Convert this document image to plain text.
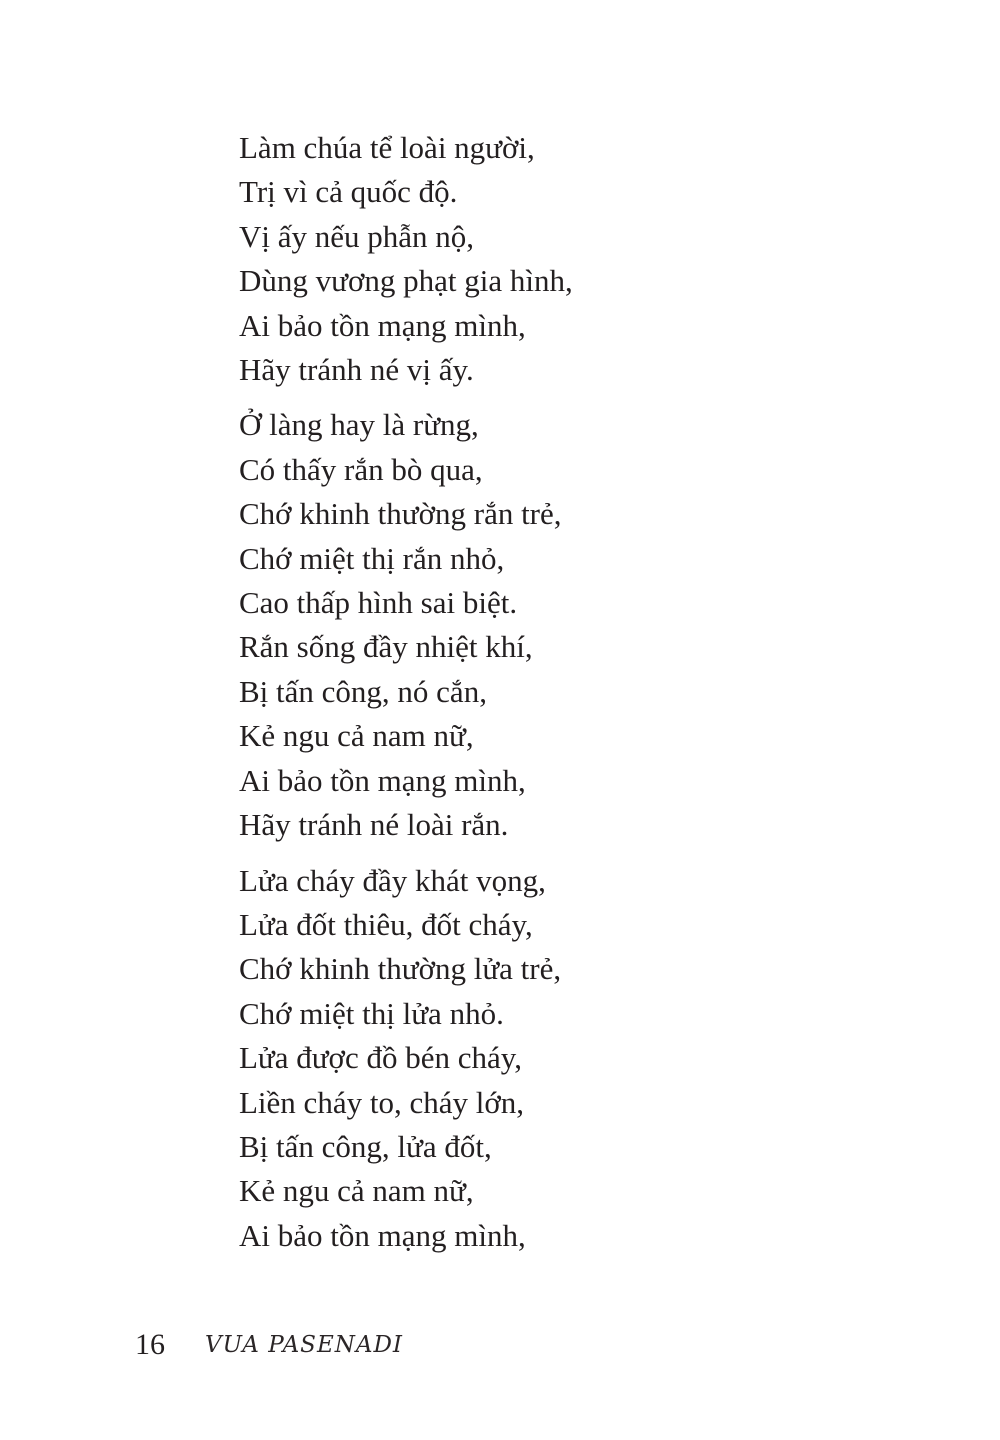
Làm chúa tể loài người,
Trị vì cả quốc độ.
Vị ấy nếu phẫn nộ,
Dùng vương phạt gia hình,
Ai bảo tồn mạng mình,
Hãy tránh né vị ấy.
Ở làng hay là rừng,
Có thấy rắn bò qua,
Chớ khinh thường rắn trẻ,
Chớ miệt thị rắn nhỏ,
Cao thấp hình sai biệt.
Rắn sống đầy nhiệt khí,
Bị tấn công, nó cắn,
Kẻ ngu cả nam nữ,
Ai bảo tồn mạng mình,
Hãy tránh né loài rắn.
Lửa cháy đầy khát vọng,
Lửa đốt thiêu, đốt cháy,
Chớ khinh thường lửa trẻ,
Chớ miệt thị lửa nhỏ.
Lửa được đồ bén cháy,
Liền cháy to, cháy lớn,
Bị tấn công, lửa đốt,
Kẻ ngu cả nam nữ,
Ai bảo tồn mạng mình,
16	VUA PASENADI
